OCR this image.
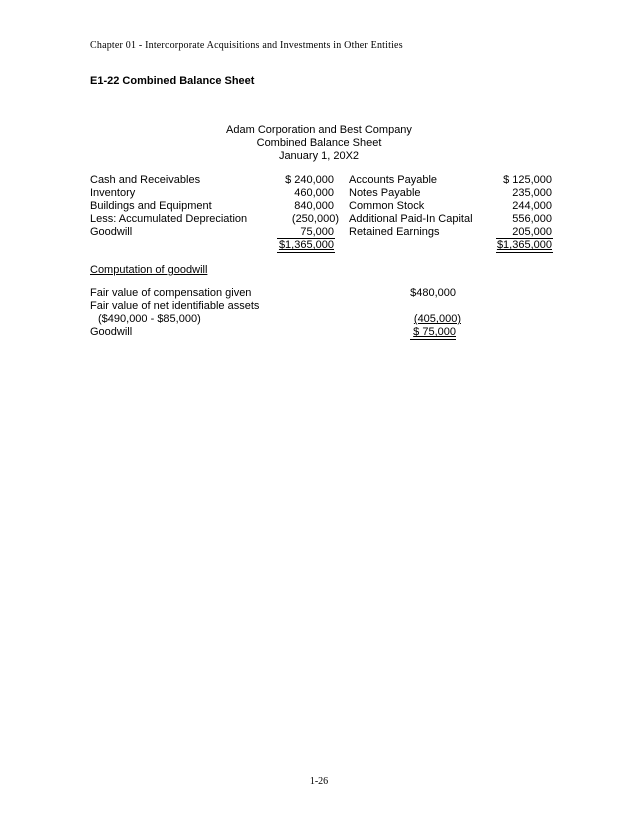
Chapter 01 - Intercorporate Acquisitions and Investments in Other Entities
E1-22 Combined Balance Sheet
Adam Corporation and Best Company
Combined Balance Sheet
January 1, 20X2
Cash and Receivables
Inventory
Buildings and Equipment
Less: Accumulated Depreciation
Goodwill
$ 240,000
460,000
840,000
(250,000)
75,000
$1,365,000
Accounts Payable
Notes Payable
Common Stock
Additional Paid-In Capital
Retained Earnings
$ 125,000
235,000
244,000
556,000
205,000
$1,365,000
Computation of goodwill
Fair value of compensation given
Fair value of net identifiable assets
($490,000 - $85,000)
Goodwill
$480,000
(405,000)
$ 75,000
1-26
